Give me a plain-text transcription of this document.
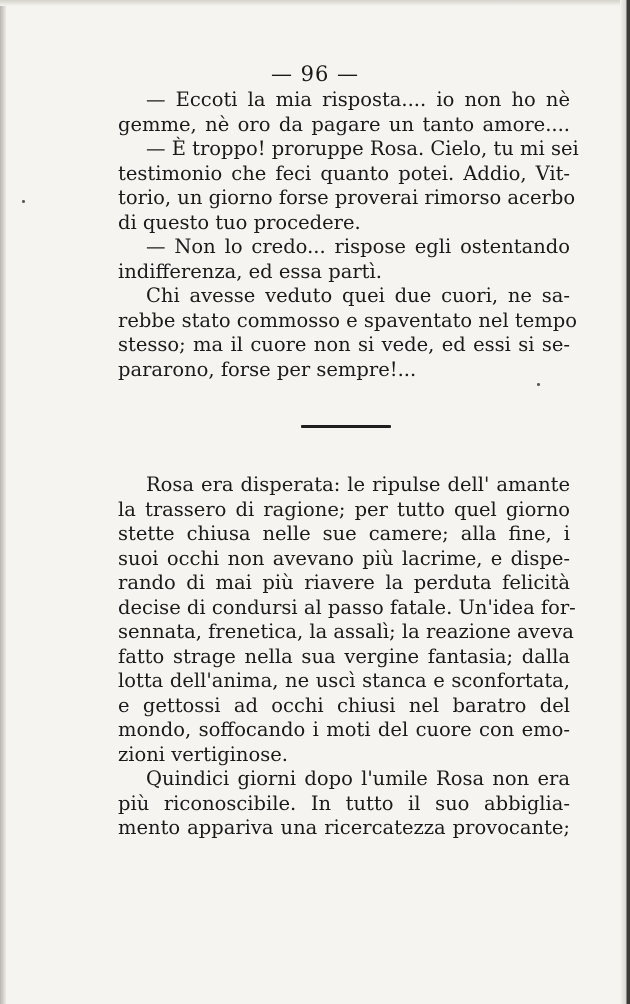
— 96 —
— Eccoti la mia risposta.... io non ho nè
gemme, nè oro da pagare un tanto amore....
— È troppo! proruppe Rosa. Cielo, tu mi sei
testimonio che feci quanto potei. Addio, Vit-
torio, un giorno forse proverai rimorso acerbo
di questo tuo procedere.
— Non lo credo... rispose egli ostentando
indifferenza, ed essa partì.
Chi avesse veduto quei due cuori, ne sa-
rebbe stato commosso e spaventato nel tempo
stesso; ma il cuore non si vede, ed essi si se-
pararono, forse per sempre!...
Rosa era disperata: le ripulse dell' amante
la trassero di ragione; per tutto quel giorno
stette chiusa nelle sue camere; alla fine, i
suoi occhi non avevano più lacrime, e dispe-
rando di mai più riavere la perduta felicità
decise di condursi al passo fatale. Un'idea for-
sennata, frenetica, la assalì; la reazione aveva
fatto strage nella sua vergine fantasia; dalla
lotta dell'anima, ne uscì stanca e sconfortata,
e gettossi ad occhi chiusi nel baratro del
mondo, soffocando i moti del cuore con emo-
zioni vertiginose.
Quindici giorni dopo l'umile Rosa non era
più riconoscibile. In tutto il suo abbiglia-
mento appariva una ricercatezza provocante;
